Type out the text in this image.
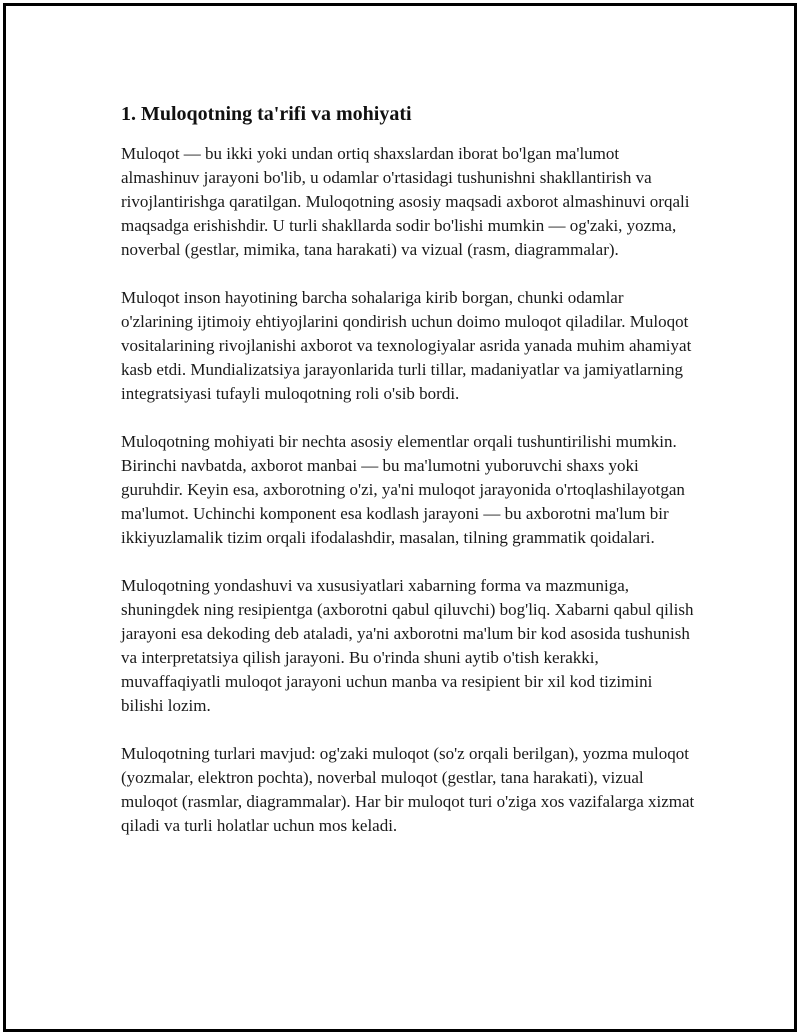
1. Muloqotning ta'rifi va mohiyati

Muloqot — bu ikki yoki undan ortiq shaxslardan iborat bo'lgan ma'lumot almashinuv jarayoni bo'lib, u odamlar o'rtasidagi tushunishni shakllantirish va rivojlantirishga qaratilgan. Muloqotning asosiy maqsadi axborot almashinuvi orqali maqsadga erishishdir. U turli shakllarda sodir bo'lishi mumkin — og'zaki, yozma, noverbal (gestlar, mimika, tana harakati) va vizual (rasm, diagrammalar).

Muloqot inson hayotining barcha sohalariga kirib borgan, chunki odamlar o'zlarining ijtimoiy ehtiyojlarini qondirish uchun doimo muloqot qiladilar. Muloqot vositalarining rivojlanishi axborot va texnologiyalar asrida yanada muhim ahamiyat kasb etdi. Mundializatsiya jarayonlarida turli tillar, madaniyatlar va jamiyatlarning integratsiyasi tufayli muloqotning roli o'sib bordi.

Muloqotning mohiyati bir nechta asosiy elementlar orqali tushuntirilishi mumkin. Birinchi navbatda, axborot manbai — bu ma'lumotni yuboruvchi shaxs yoki guruhdir. Keyin esa, axborotning o'zi, ya'ni muloqot jarayonida o'rtoqlashilayotgan ma'lumot. Uchinchi komponent esa kodlash jarayoni — bu axborotni ma'lum bir ikkiyuzlamalik tizim orqali ifodalashdir, masalan, tilning grammatik qoidalari.

Muloqotning yondashuvi va xususiyatlari xabarning forma va mazmuniga, shuningdek ning resipientga (axborotni qabul qiluvchi) bog'liq. Xabarni qabul qilish jarayoni esa dekoding deb ataladi, ya'ni axborotni ma'lum bir kod asosida tushunish va interpretatsiya qilish jarayoni. Bu o'rinda shuni aytib o'tish kerakki, muvaffaqiyatli muloqot jarayoni uchun manba va resipient bir xil kod tizimini bilishi lozim.

Muloqotning turlari mavjud: og'zaki muloqot (so'z orqali berilgan), yozma muloqot (yozmalar, elektron pochta), noverbal muloqot (gestlar, tana harakati), vizual muloqot (rasmlar, diagrammalar). Har bir muloqot turi o'ziga xos vazifalarga xizmat qiladi va turli holatlar uchun mos keladi.
